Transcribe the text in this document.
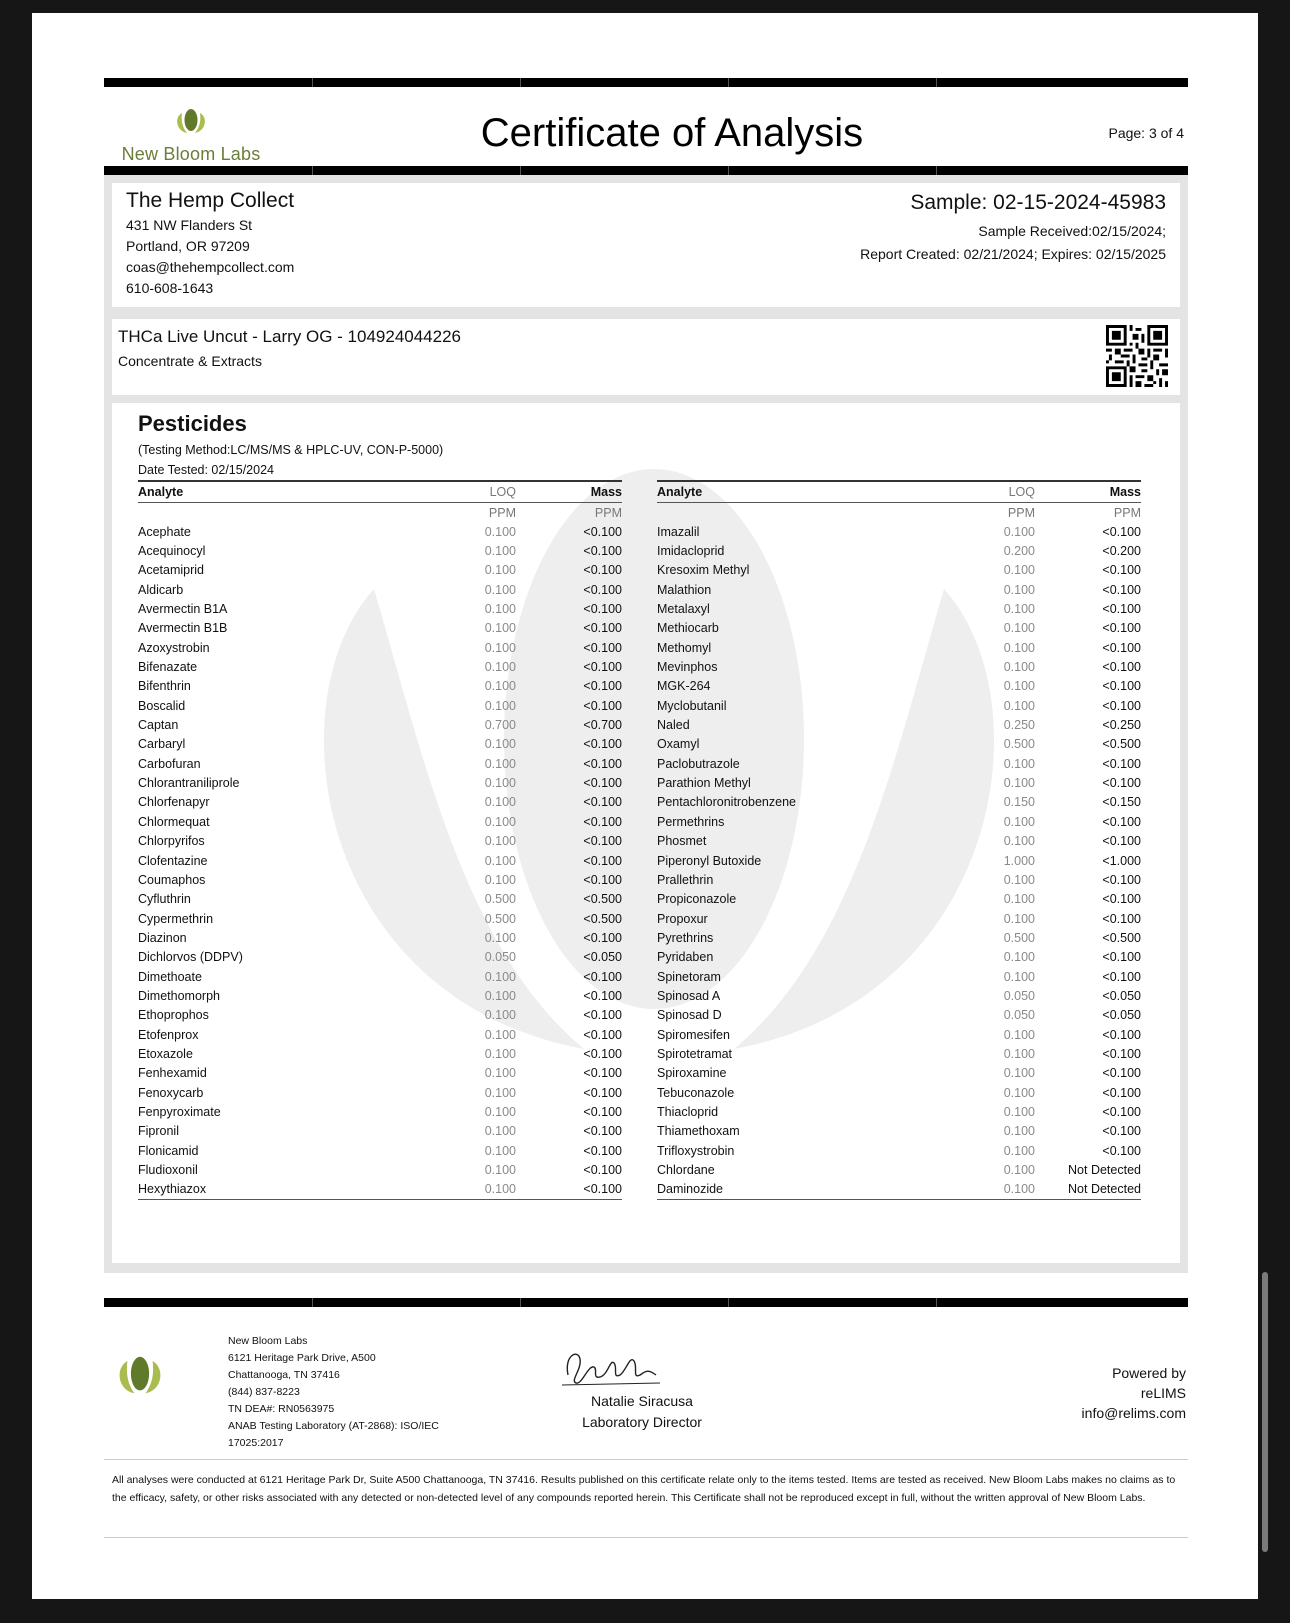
New Bloom Labs	Certificate of Analysis	Page: 3 of 4
The Hemp Collect
431 NW Flanders St
Portland, OR 97209
coas@thehempcollect.com
610-608-1643
Sample: 02-15-2024-45983
Sample Received:02/15/2024;
Report Created: 02/21/2024; Expires: 02/15/2025
THCa Live Uncut - Larry OG - 104924044226
Concentrate & Extracts
Pesticides
(Testing Method:LC/MS/MS & HPLC-UV, CON-P-5000)
Date Tested: 02/15/2024
Analyte	LOQ	Mass
	PPM	PPM
Acephate	0.100	<0.100
Acequinocyl	0.100	<0.100
Acetamiprid	0.100	<0.100
Aldicarb	0.100	<0.100
Avermectin B1A	0.100	<0.100
Avermectin B1B	0.100	<0.100
Azoxystrobin	0.100	<0.100
Bifenazate	0.100	<0.100
Bifenthrin	0.100	<0.100
Boscalid	0.100	<0.100
Captan	0.700	<0.700
Carbaryl	0.100	<0.100
Carbofuran	0.100	<0.100
Chlorantraniliprole	0.100	<0.100
Chlorfenapyr	0.100	<0.100
Chlormequat	0.100	<0.100
Chlorpyrifos	0.100	<0.100
Clofentazine	0.100	<0.100
Coumaphos	0.100	<0.100
Cyfluthrin	0.500	<0.500
Cypermethrin	0.500	<0.500
Diazinon	0.100	<0.100
Dichlorvos (DDPV)	0.050	<0.050
Dimethoate	0.100	<0.100
Dimethomorph	0.100	<0.100
Ethoprophos	0.100	<0.100
Etofenprox	0.100	<0.100
Etoxazole	0.100	<0.100
Fenhexamid	0.100	<0.100
Fenoxycarb	0.100	<0.100
Fenpyroximate	0.100	<0.100
Fipronil	0.100	<0.100
Flonicamid	0.100	<0.100
Fludioxonil	0.100	<0.100
Hexythiazox	0.100	<0.100
Analyte	LOQ	Mass
	PPM	PPM
Imazalil	0.100	<0.100
Imidacloprid	0.200	<0.200
Kresoxim Methyl	0.100	<0.100
Malathion	0.100	<0.100
Metalaxyl	0.100	<0.100
Methiocarb	0.100	<0.100
Methomyl	0.100	<0.100
Mevinphos	0.100	<0.100
MGK-264	0.100	<0.100
Myclobutanil	0.100	<0.100
Naled	0.250	<0.250
Oxamyl	0.500	<0.500
Paclobutrazole	0.100	<0.100
Parathion Methyl	0.100	<0.100
Pentachloronitrobenzene	0.150	<0.150
Permethrins	0.100	<0.100
Phosmet	0.100	<0.100
Piperonyl Butoxide	1.000	<1.000
Prallethrin	0.100	<0.100
Propiconazole	0.100	<0.100
Propoxur	0.100	<0.100
Pyrethrins	0.500	<0.500
Pyridaben	0.100	<0.100
Spinetoram	0.100	<0.100
Spinosad A	0.050	<0.050
Spinosad D	0.050	<0.050
Spiromesifen	0.100	<0.100
Spirotetramat	0.100	<0.100
Spiroxamine	0.100	<0.100
Tebuconazole	0.100	<0.100
Thiacloprid	0.100	<0.100
Thiamethoxam	0.100	<0.100
Trifloxystrobin	0.100	<0.100
Chlordane	0.100	Not Detected
Daminozide	0.100	Not Detected
New Bloom Labs
6121 Heritage Park Drive, A500
Chattanooga, TN 37416
(844) 837-8223
TN DEA#: RN0563975
ANAB Testing Laboratory (AT-2868): ISO/IEC
17025:2017
Natalie Siracusa
Laboratory Director
Powered by
reLIMS
info@relims.com
All analyses were conducted at 6121 Heritage Park Dr, Suite A500 Chattanooga, TN 37416. Results published on this certificate relate only to the items tested. Items are tested as received. New Bloom Labs makes no claims as to the efficacy, safety, or other risks associated with any detected or non-detected level of any compounds reported herein. This Certificate shall not be reproduced except in full, without the written approval of New Bloom Labs.
